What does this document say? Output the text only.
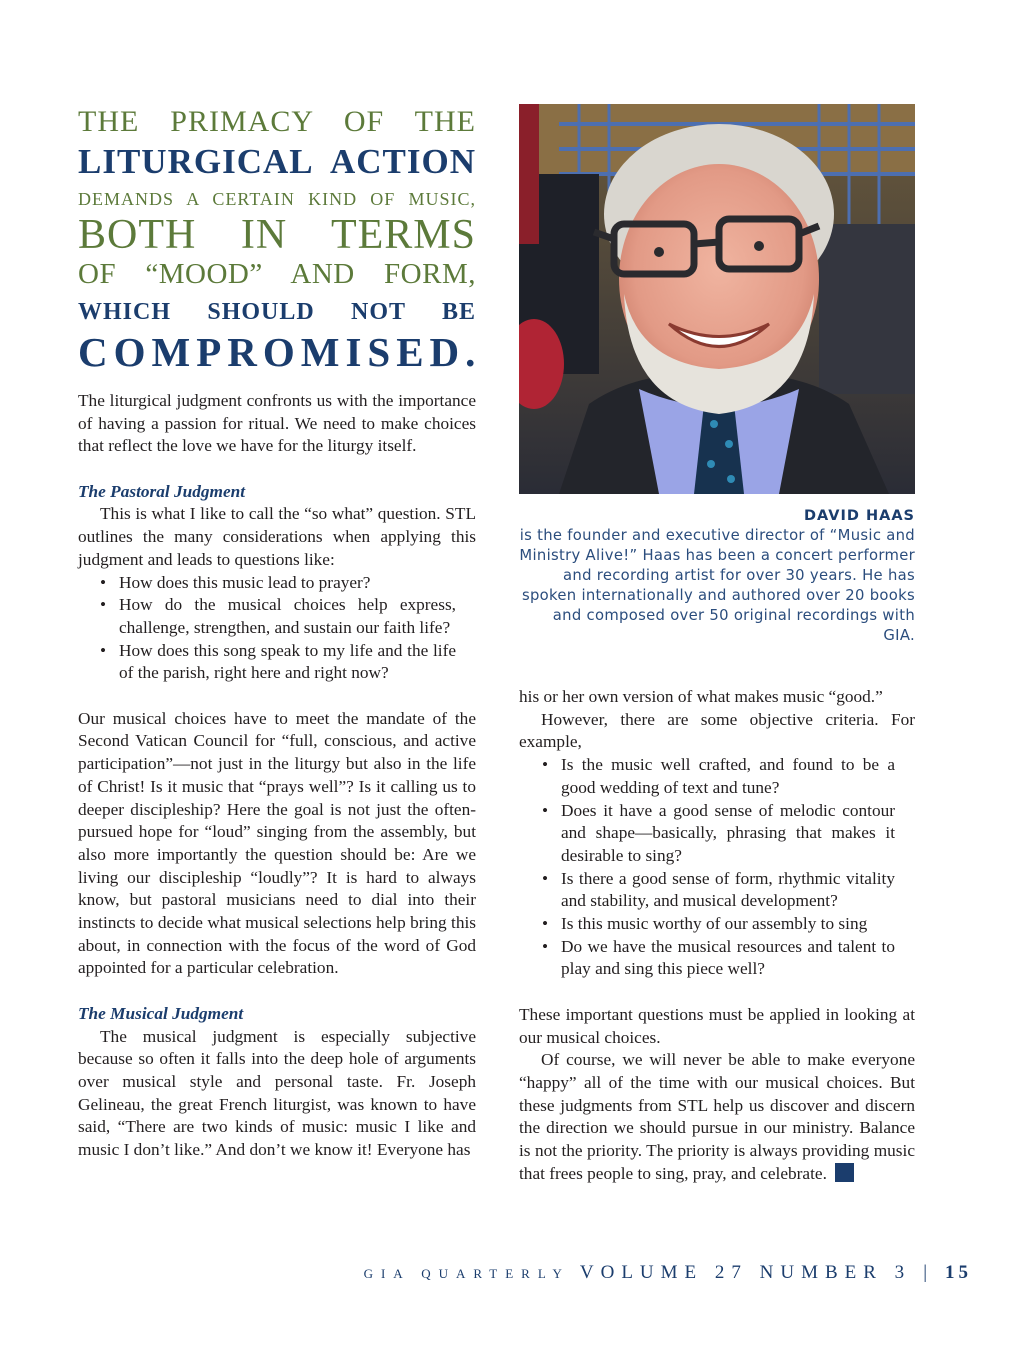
THE PRIMACY OF THE

LITURGICAL ACTION

DEMANDS A CERTAIN KIND OF MUSIC,

BOTH IN TERMS

OF “MOOD” AND FORM,

WHICH SHOULD NOT BE

COMPROMISED.

The liturgical judgment confronts us with the importance of having a passion for ritual. We need to make choices that reflect the love we have for the liturgy itself.

The Pastoral Judgment

This is what I like to call the “so what” question. STL outlines the many considerations when applying this judgment and leads to questions like:

• How does this music lead to prayer?
• How do the musical choices help express, challenge, strengthen, and sustain our faith life?
• How does this song speak to my life and the life of the parish, right here and right now?

Our musical choices have to meet the mandate of the Second Vatican Council for “full, conscious, and active participation”—not just in the liturgy but also in the life of Christ! Is it music that “prays well”? Is it calling us to deeper discipleship? Here the goal is not just the often-pursued hope for “loud” singing from the assembly, but also more importantly the question should be: Are we living our discipleship “loudly”? It is hard to always know, but pastoral musicians need to dial into their instincts to decide what musical selections help bring this about, in connection with the focus of the word of God appointed for a particular celebration.

The Musical Judgment

The musical judgment is especially subjective because so often it falls into the deep hole of arguments over musical style and personal taste. Fr. Joseph Gelineau, the great French liturgist, was known to have said, “There are two kinds of music: music I like and music I don’t like.” And don’t we know it! Everyone has

DAVID HAAS

is the founder and executive director of “Music and Ministry Alive!” Haas has been a concert performer and recording artist for over 30 years. He has spoken internationally and authored over 20 books and composed over 50 original recordings with GIA.

his or her own version of what makes music “good.”

However, there are some objective criteria. For example,

• Is the music well crafted, and found to be a good wedding of text and tune?
• Does it have a good sense of melodic contour and shape—basically, phrasing that makes it desirable to sing?
• Is there a good sense of form, rhythmic vitality and stability, and musical development?
• Is this music worthy of our assembly to sing
• Do we have the musical resources and talent to play and sing this piece well?

These important questions must be applied in looking at our musical choices.

Of course, we will never be able to make everyone “happy” all of the time with our musical choices. But these judgments from STL help us discover and discern the direction we should pursue in our ministry. Balance is not the priority. The priority is always providing music that frees people to sing, pray, and celebrate.

GIA QUARTERLY VOLUME 27 NUMBER 3 | 15
